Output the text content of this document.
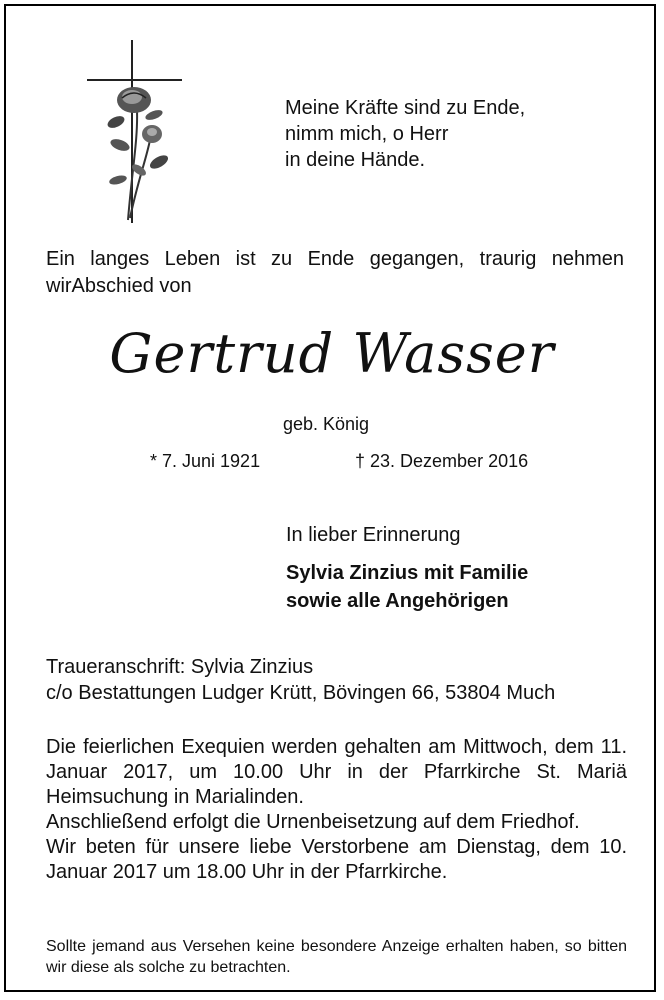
Meine Kräfte sind zu Ende,
nimm mich, o Herr
in deine Hände.
Ein langes Leben ist zu Ende gegangen, traurig nehmen wirAbschied von
Gertrud Wasser
geb. König
* 7. Juni 1921	† 23. Dezember 2016
In lieber Erinnerung
Sylvia Zinzius mit Familie
sowie alle Angehörigen
Traueranschrift: Sylvia Zinzius
c/o Bestattungen Ludger Krütt, Bövingen 66, 53804 Much

Die feierlichen Exequien werden gehalten am Mittwoch, dem 11. Januar 2017, um 10.00 Uhr in der Pfarrkirche St. Mariä Heimsuchung in Marialinden.

Anschließend erfolgt die Urnenbeisetzung auf dem Friedhof.

Wir beten für unsere liebe Verstorbene am Dienstag, dem 10. Januar 2017 um 18.00 Uhr in der Pfarrkirche.

Sollte jemand aus Versehen keine besondere Anzeige erhalten haben, so bitten wir diese als solche zu betrachten.
